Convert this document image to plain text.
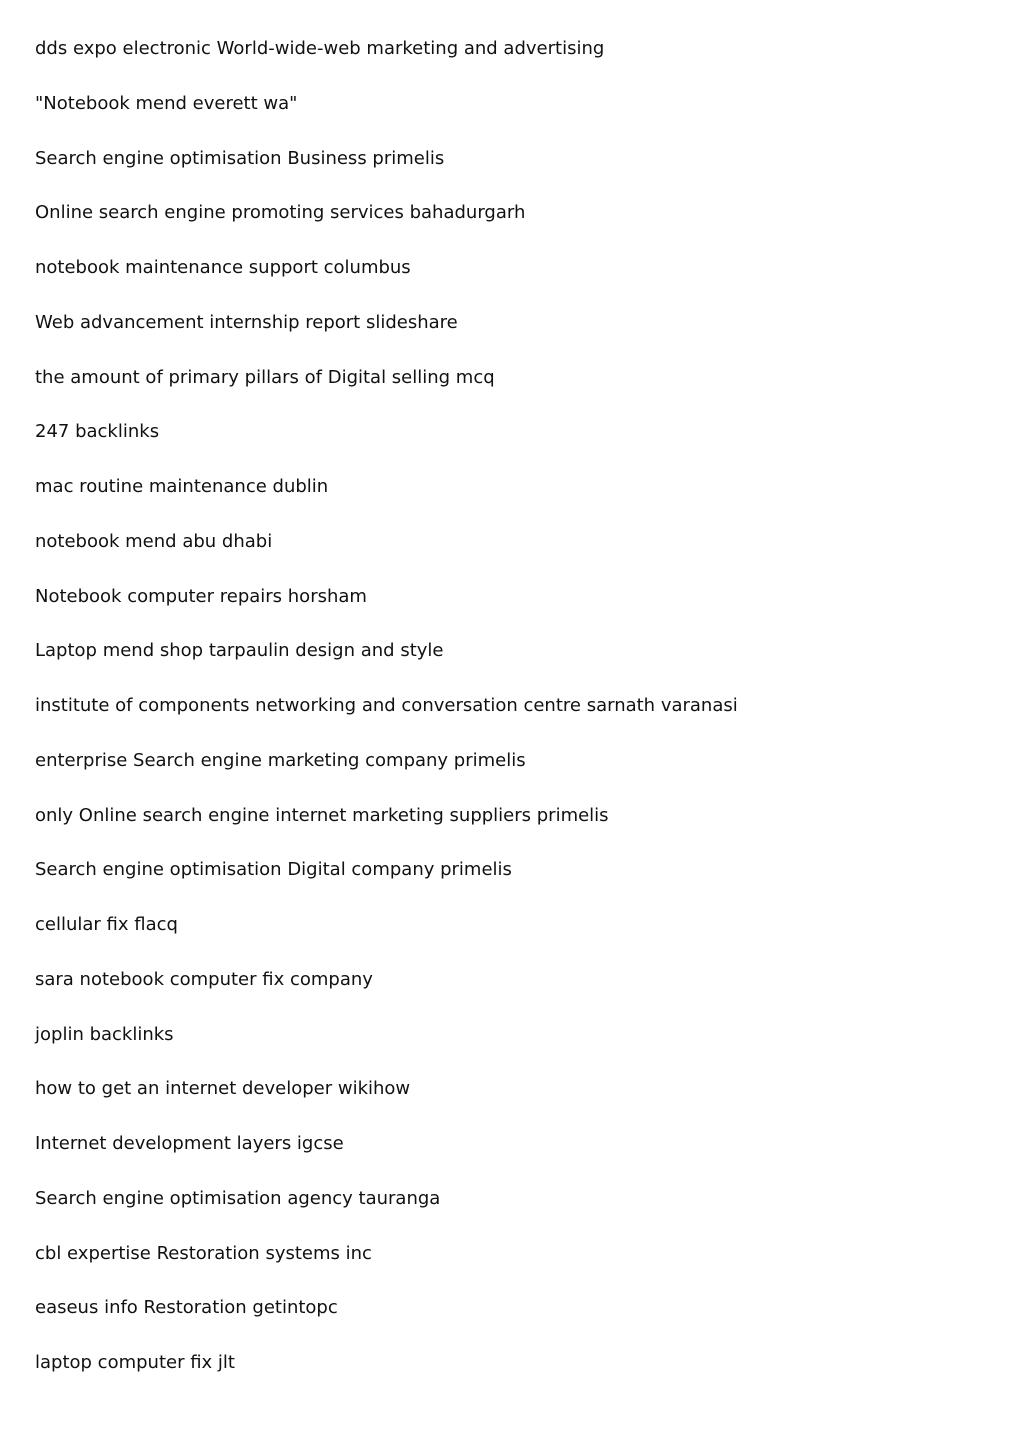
dds expo electronic World-wide-web marketing and advertising
"Notebook mend everett wa"
Search engine optimisation Business primelis
Online search engine promoting services bahadurgarh
notebook maintenance support columbus
Web advancement internship report slideshare
the amount of primary pillars of Digital selling mcq
247 backlinks
mac routine maintenance dublin
notebook mend abu dhabi
Notebook computer repairs horsham
Laptop mend shop tarpaulin design and style
institute of components networking and conversation centre sarnath varanasi
enterprise Search engine marketing company primelis
only Online search engine internet marketing suppliers primelis
Search engine optimisation Digital company primelis
cellular fix flacq
sara notebook computer fix company
joplin backlinks
how to get an internet developer wikihow
Internet development layers igcse
Search engine optimisation agency tauranga
cbl expertise Restoration systems inc
easeus info Restoration getintopc
laptop computer fix jlt
